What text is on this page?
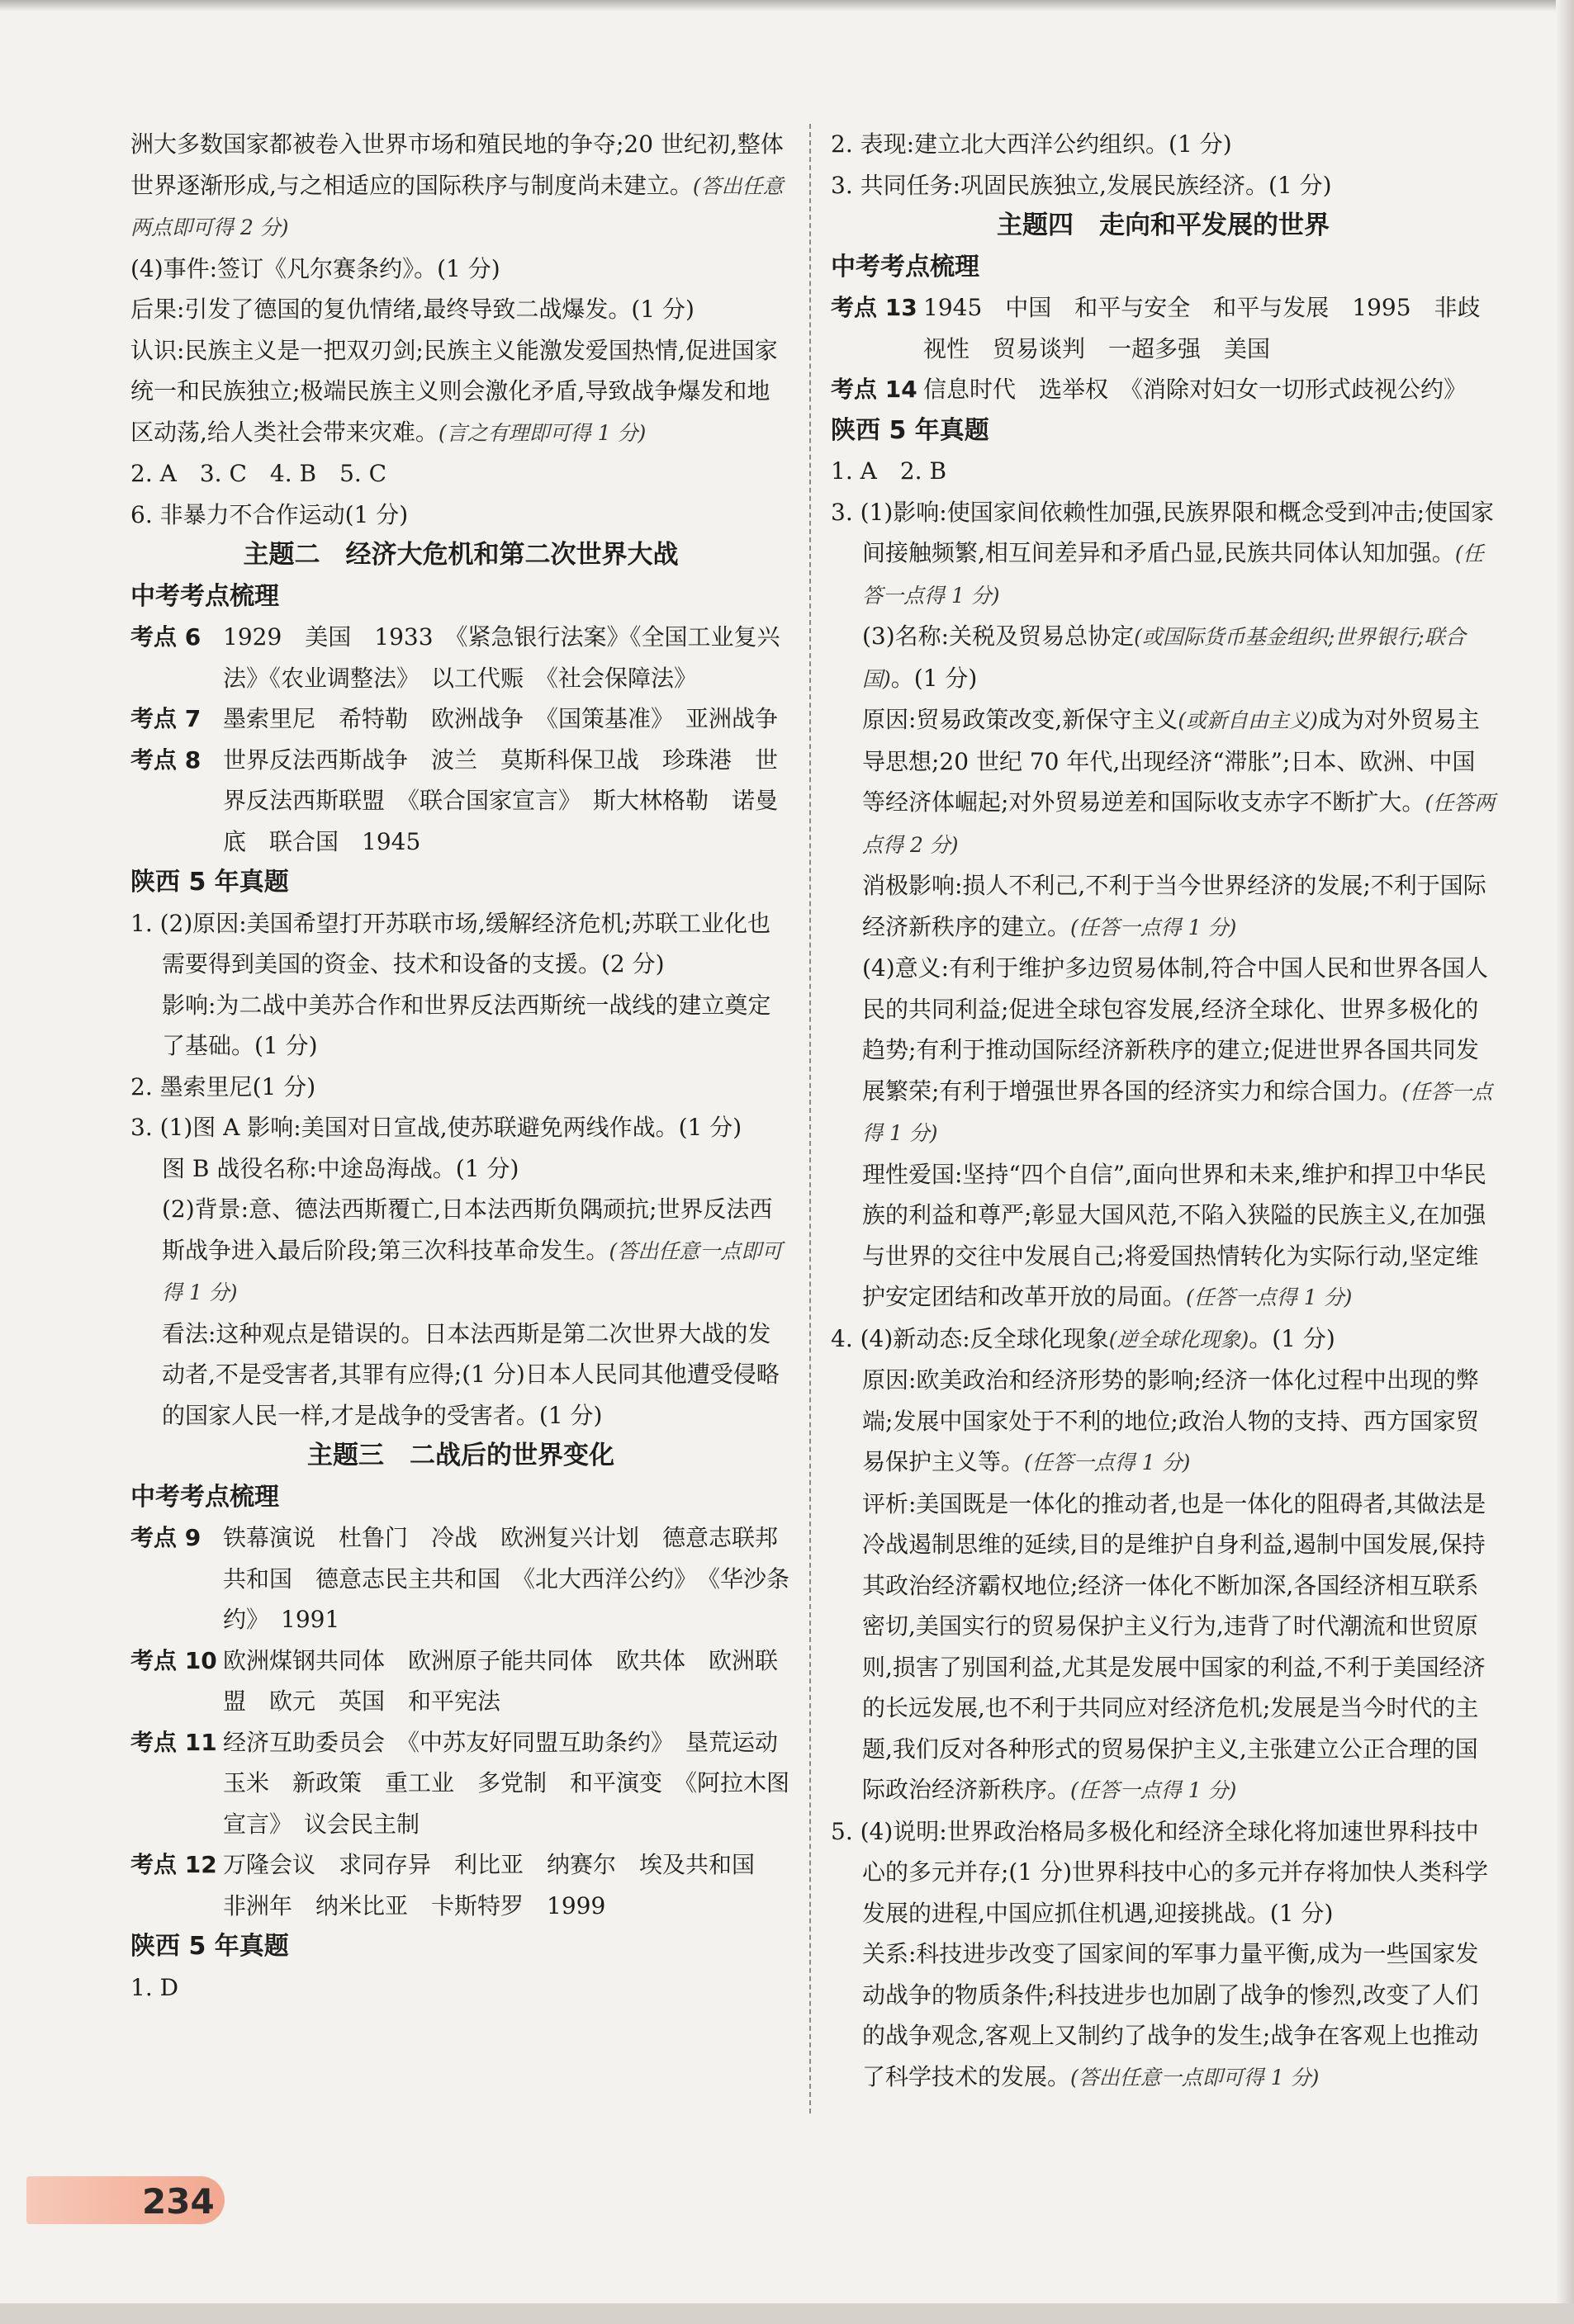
洲大多数国家都被卷入世界市场和殖民地的争夺;20 世纪初,整体世界逐渐形成,与之相适应的国际秩序与制度尚未建立。(答出任意两点即可得 2 分)

(4)事件:签订《凡尔赛条约》。(1 分)

后果:引发了德国的复仇情绪,最终导致二战爆发。(1 分)

认识:民族主义是一把双刃剑;民族主义能激发爱国热情,促进国家统一和民族独立;极端民族主义则会激化矛盾,导致战争爆发和地区动荡,给人类社会带来灾难。(言之有理即可得 1 分)

2. A　3. C　4. B　5. C

6. 非暴力不合作运动(1 分)

主题二　经济大危机和第二次世界大战

中考考点梳理

考点 6 1929　美国　1933　《紧急银行法案》《全国工业复兴法》《农业调整法》　以工代赈　《社会保障法》
考点 7 墨索里尼　希特勒　欧洲战争　《国策基准》　亚洲战争
考点 8 世界反法西斯战争　波兰　莫斯科保卫战　珍珠港　世界反法西斯联盟　《联合国家宣言》　斯大林格勒　诺曼底　联合国　1945

陕西 5 年真题

1. (2)原因:美国希望打开苏联市场,缓解经济危机;苏联工业化也需要得到美国的资金、技术和设备的支援。(2 分)

影响:为二战中美苏合作和世界反法西斯统一战线的建立奠定了基础。(1 分)

2. 墨索里尼(1 分)

3. (1)图 A 影响:美国对日宣战,使苏联避免两线作战。(1 分)

图 B 战役名称:中途岛海战。(1 分)

(2)背景:意、德法西斯覆亡,日本法西斯负隅顽抗;世界反法西斯战争进入最后阶段;第三次科技革命发生。(答出任意一点即可得 1 分)

看法:这种观点是错误的。日本法西斯是第二次世界大战的发动者,不是受害者,其罪有应得;(1 分)日本人民同其他遭受侵略的国家人民一样,才是战争的受害者。(1 分)

主题三　二战后的世界变化

中考考点梳理

考点 9 铁幕演说　杜鲁门　冷战　欧洲复兴计划　德意志联邦共和国　德意志民主共和国　《北大西洋公约》　《华沙条约》　1991
考点 10 欧洲煤钢共同体　欧洲原子能共同体　欧共体　欧洲联盟　欧元　英国　和平宪法
考点 11 经济互助委员会　《中苏友好同盟互助条约》　垦荒运动　玉米　新政策　重工业　多党制　和平演变　《阿拉木图宣言》　议会民主制
考点 12 万隆会议　求同存异　利比亚　纳赛尔　埃及共和国　非洲年　纳米比亚　卡斯特罗　1999

陕西 5 年真题

1. D

2. 表现:建立北大西洋公约组织。(1 分)

3. 共同任务:巩固民族独立,发展民族经济。(1 分)

主题四　走向和平发展的世界

中考考点梳理

考点 13 1945　中国　和平与安全　和平与发展　1995　非歧视性　贸易谈判　一超多强　美国
考点 14 信息时代　选举权　《消除对妇女一切形式歧视公约》

陕西 5 年真题

1. A　2. B

3. (1)影响:使国家间依赖性加强,民族界限和概念受到冲击;使国家间接触频繁,相互间差异和矛盾凸显,民族共同体认知加强。(任答一点得 1 分)

(3)名称:关税及贸易总协定(或国际货币基金组织;世界银行;联合国)。(1 分)

原因:贸易政策改变,新保守主义(或新自由主义)成为对外贸易主导思想;20 世纪 70 年代,出现经济“滞胀”;日本、欧洲、中国等经济体崛起;对外贸易逆差和国际收支赤字不断扩大。(任答两点得 2 分)

消极影响:损人不利己,不利于当今世界经济的发展;不利于国际经济新秩序的建立。(任答一点得 1 分)

(4)意义:有利于维护多边贸易体制,符合中国人民和世界各国人民的共同利益;促进全球包容发展,经济全球化、世界多极化的趋势;有利于推动国际经济新秩序的建立;促进世界各国共同发展繁荣;有利于增强世界各国的经济实力和综合国力。(任答一点得 1 分)

理性爱国:坚持“四个自信”,面向世界和未来,维护和捍卫中华民族的利益和尊严;彰显大国风范,不陷入狭隘的民族主义,在加强与世界的交往中发展自己;将爱国热情转化为实际行动,坚定维护安定团结和改革开放的局面。(任答一点得 1 分)

4. (4)新动态:反全球化现象(逆全球化现象)。(1 分)

原因:欧美政治和经济形势的影响;经济一体化过程中出现的弊端;发展中国家处于不利的地位;政治人物的支持、西方国家贸易保护主义等。(任答一点得 1 分)

评析:美国既是一体化的推动者,也是一体化的阻碍者,其做法是冷战遏制思维的延续,目的是维护自身利益,遏制中国发展,保持其政治经济霸权地位;经济一体化不断加深,各国经济相互联系密切,美国实行的贸易保护主义行为,违背了时代潮流和世贸原则,损害了别国利益,尤其是发展中国家的利益,不利于美国经济的长远发展,也不利于共同应对经济危机;发展是当今时代的主题,我们反对各种形式的贸易保护主义,主张建立公正合理的国际政治经济新秩序。(任答一点得 1 分)

5. (4)说明:世界政治格局多极化和经济全球化将加速世界科技中心的多元并存;(1 分)世界科技中心的多元并存将加快人类科学发展的进程,中国应抓住机遇,迎接挑战。(1 分)

关系:科技进步改变了国家间的军事力量平衡,成为一些国家发动战争的物质条件;科技进步也加剧了战争的惨烈,改变了人们的战争观念,客观上又制约了战争的发生;战争在客观上也推动了科学技术的发展。(答出任意一点即可得 1 分)

234
